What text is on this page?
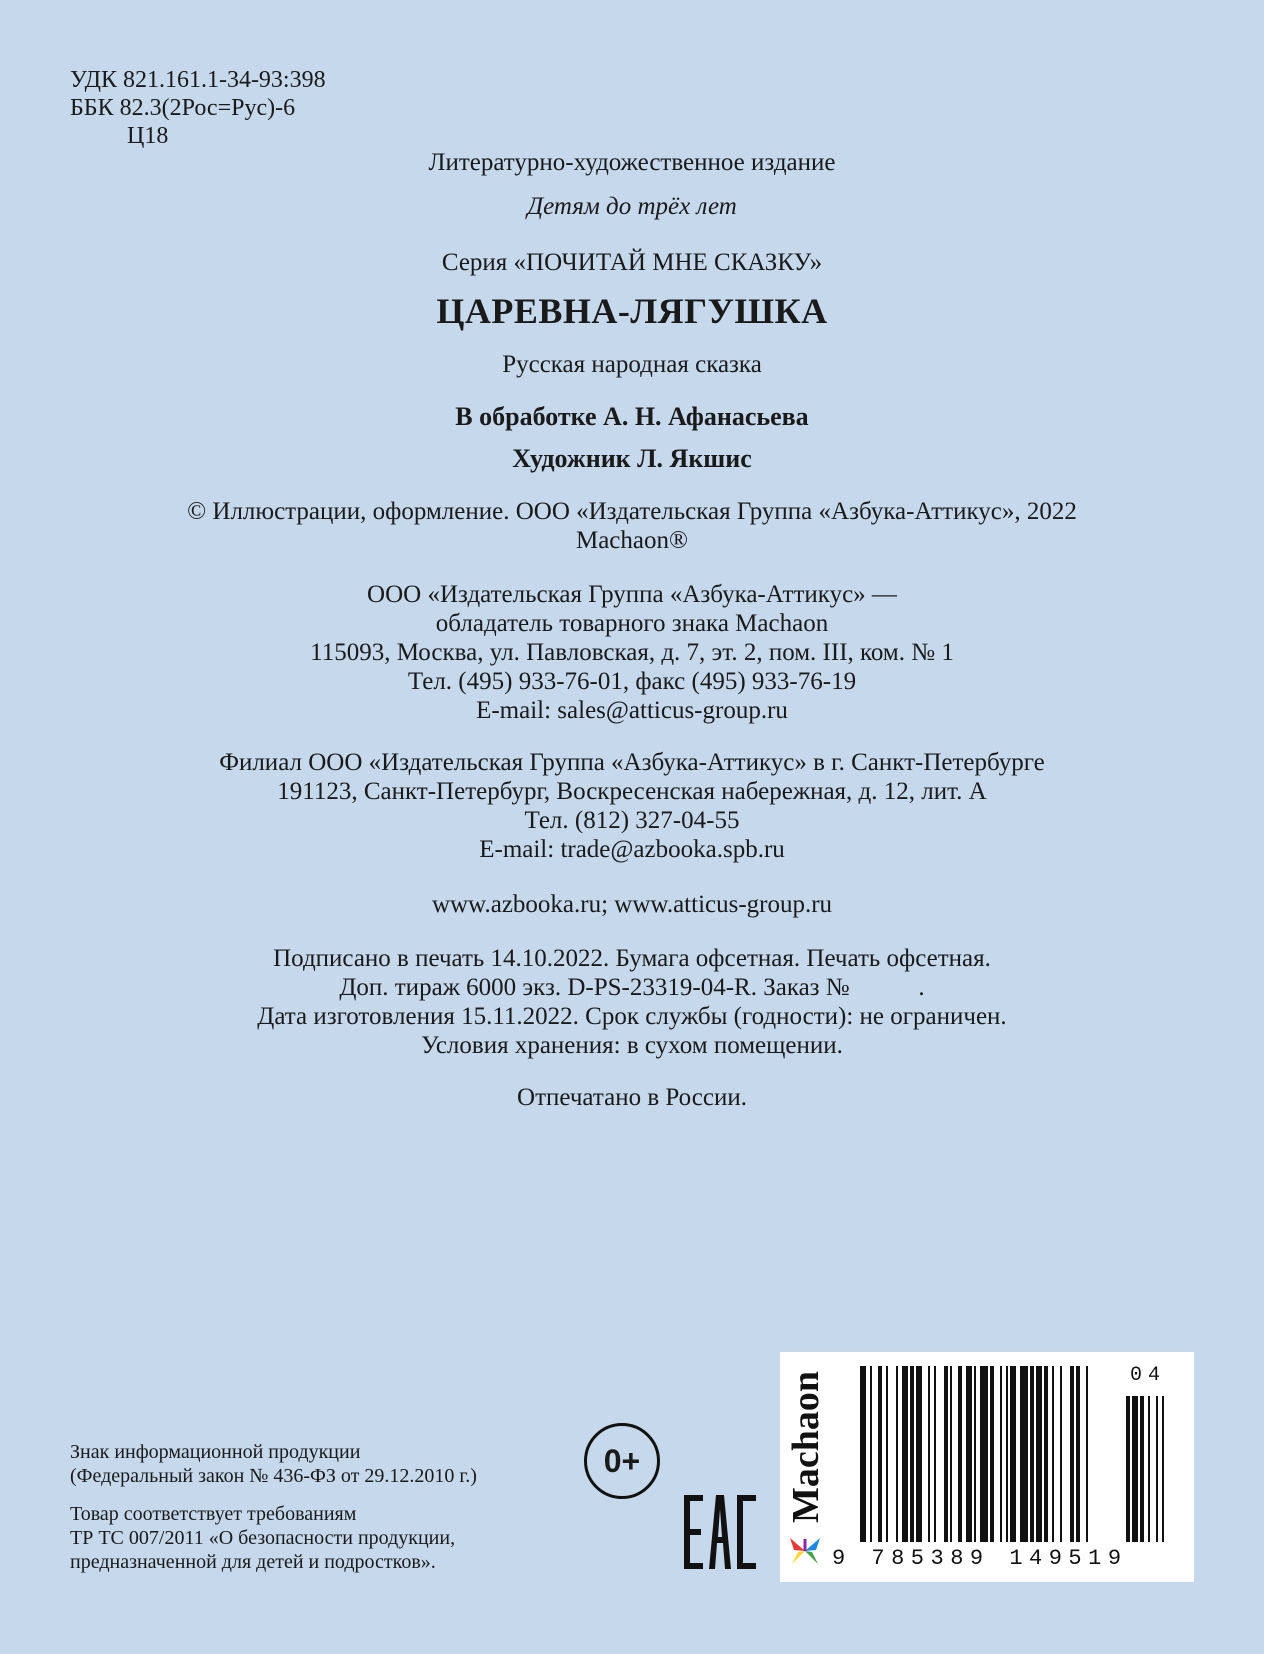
УДК 821.161.1-34-93:398
ББК 82.3(2Рос=Рус)-6
Ц18
Литературно-художественное издание
Детям до трёх лет
Серия «ПОЧИТАЙ МНЕ СКАЗКУ»
ЦАРЕВНА-ЛЯГУШКА
Русская народная сказка
В обработке А. Н. Афанасьева
Художник Л. Якшис
© Иллюстрации, оформление. ООО «Издательская Группа «Азбука-Аттикус», 2022
Machaon®
ООО «Издательская Группа «Азбука-Аттикус» —
обладатель товарного знака Machaon
115093, Москва, ул. Павловская, д. 7, эт. 2, пом. III, ком. № 1
Тел. (495) 933-76-01, факс (495) 933-76-19
E-mail: sales@atticus-group.ru
Филиал ООО «Издательская Группа «Азбука-Аттикус» в г. Санкт-Петербурге
191123, Санкт-Петербург, Воскресенская набережная, д. 12, лит. А
Тел. (812) 327-04-55
E-mail: trade@azbooka.spb.ru
www.azbooka.ru; www.atticus-group.ru
Подписано в печать 14.10.2022. Бумага офсетная. Печать офсетная.
Доп. тираж 6000 экз. D-PS-23319-04-R. Заказ №           .
Дата изготовления 15.11.2022. Срок службы (годности): не ограничен.
Условия хранения: в сухом помещении.
Отпечатано в России.
Знак информационной продукции
(Федеральный закон № 436-ФЗ от 29.12.2010 г.)	0+
Товар соответствует требованиям
ТР ТС 007/2011 «О безопасности продукции,
предназначенной для детей и подростков».
Machaon	04
9 785389 149519
